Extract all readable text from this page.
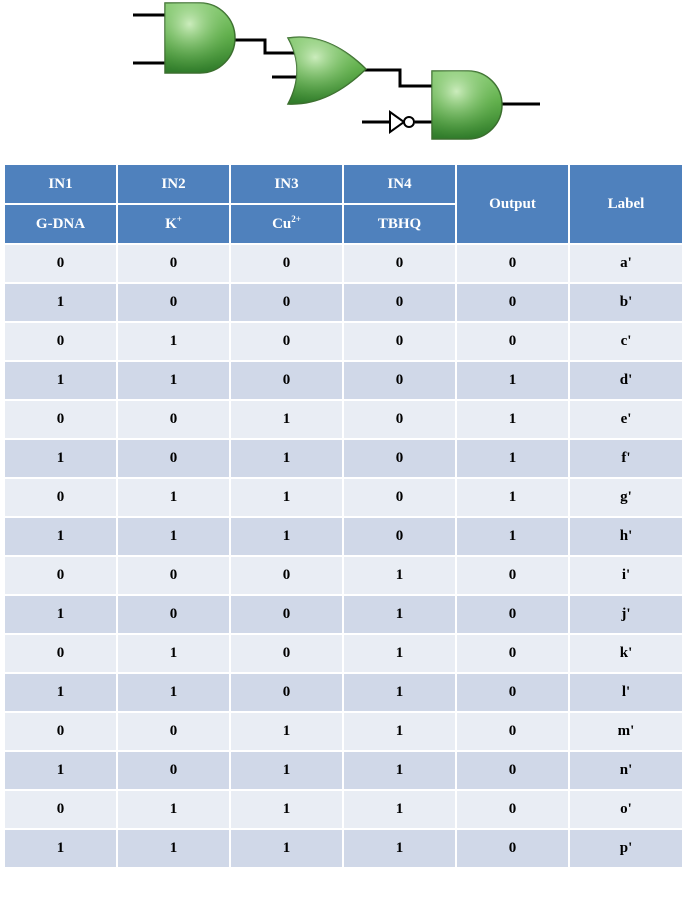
IN1	IN2	IN3	IN4	Output	Label
G-DNA	K+	$Cu^{2+}$	TBHQ		
0	0	0	0	0	a'
1	0	0	0	0	b'
0	1	0	0	0	c'
1	1	0	0	1	d'
0	0	1	0	1	e'
1	0	1	0	1	f'
0	1	1	0	1	g'
1	1	1	0	1	h'
0	0	0	1	0	i'
1	0	0	1	0	j'
0	1	0	1	0	k'
1	1	0	1	0	l'
0	0	1	1	0	m'
1	0	1	1	0	n'
0	1	1	1	0	o'
1	1	1	1	0	p'
